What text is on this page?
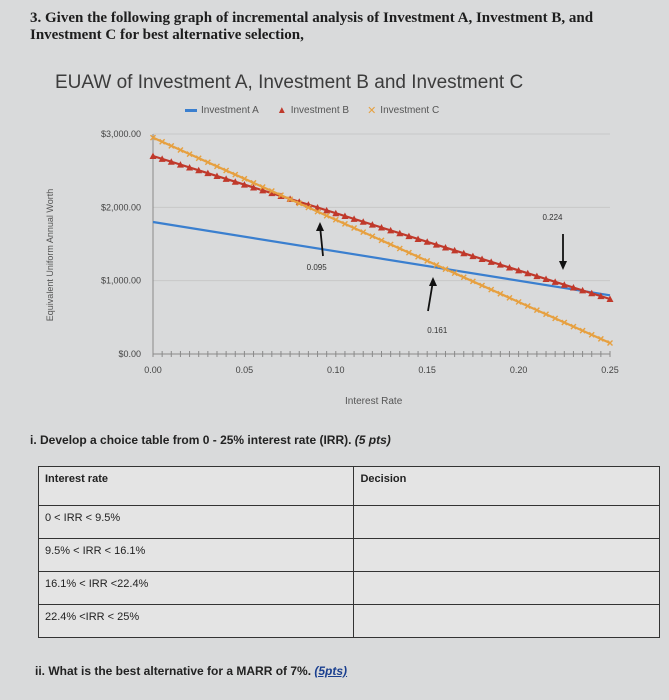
3. Given the following graph of incremental analysis of Investment A, Investment B, and
Investment C for best alternative selection,
EUAW of Investment A, Investment B and Investment C
Investment A ▲ Investment B ✕ Investment C
$0.00
$1,000.00
$2,000.00
$3,000.00
0.00	0.05	0.10	0.15	0.20	0.25
0.095
0.161
0.224
Equivalent Uniform Annual Worth
Interest Rate
i. Develop a choice table from 0 - 25% interest rate (IRR). (5 pts)
Interest rate	Decision
0 < IRR < 9.5%	
9.5% < IRR < 16.1%	
16.1% < IRR <22.4%	
22.4% <IRR < 25%	
ii. What is the best alternative for a MARR of 7%. (5pts)
